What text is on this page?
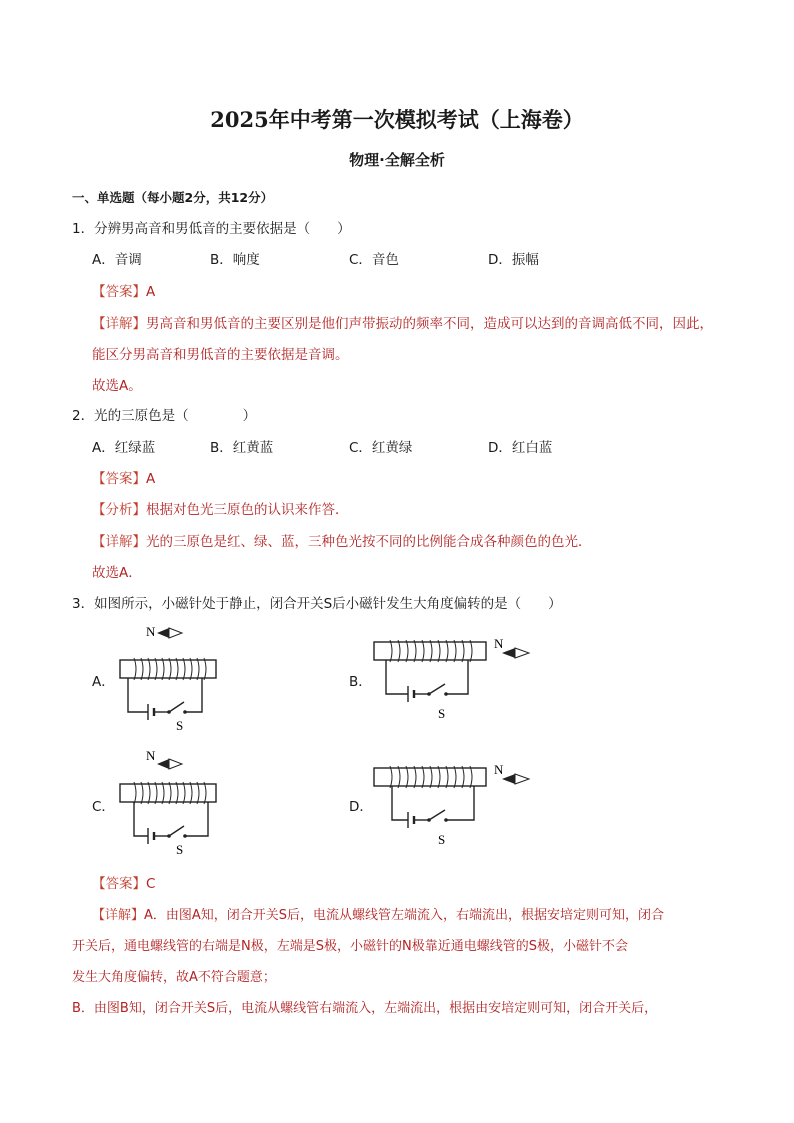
2025年中考第一次模拟考试（上海卷）
物理·全解全析
一、单选题（每小题2分，共12分）
1．分辨男高音和男低音的主要依据是（　　）
A．音调	B．响度	C．音色	D．振幅
【答案】A
【详解】男高音和男低音的主要区别是他们声带振动的频率不同，造成可以达到的音调高低不同，因此，
能区分男高音和男低音的主要依据是音调。
故选A。
2．光的三原色是（　　　　）
A．红绿蓝	B．红黄蓝	C．红黄绿	D．红白蓝
【答案】A
【分析】根据对色光三原色的认识来作答．
【详解】光的三原色是红、绿、蓝，三种色光按不同的比例能合成各种颜色的色光．
故选A．
3．如图所示，小磁针处于静止，闭合开关S后小磁针发生大角度偏转的是（　　）
A．
N
S
B．
N
S
C．
N
S
D．
N
S
【答案】C
【详解】A．由图A知，闭合开关S后，电流从螺线管左端流入，右端流出，根据安培定则可知，闭合
开关后，通电螺线管的右端是N极，左端是S极，小磁针的N极靠近通电螺线管的S极，小磁针不会
发生大角度偏转，故A不符合题意；
B．由图B知，闭合开关S后，电流从螺线管右端流入，左端流出，根据由安培定则可知，闭合开关后，
